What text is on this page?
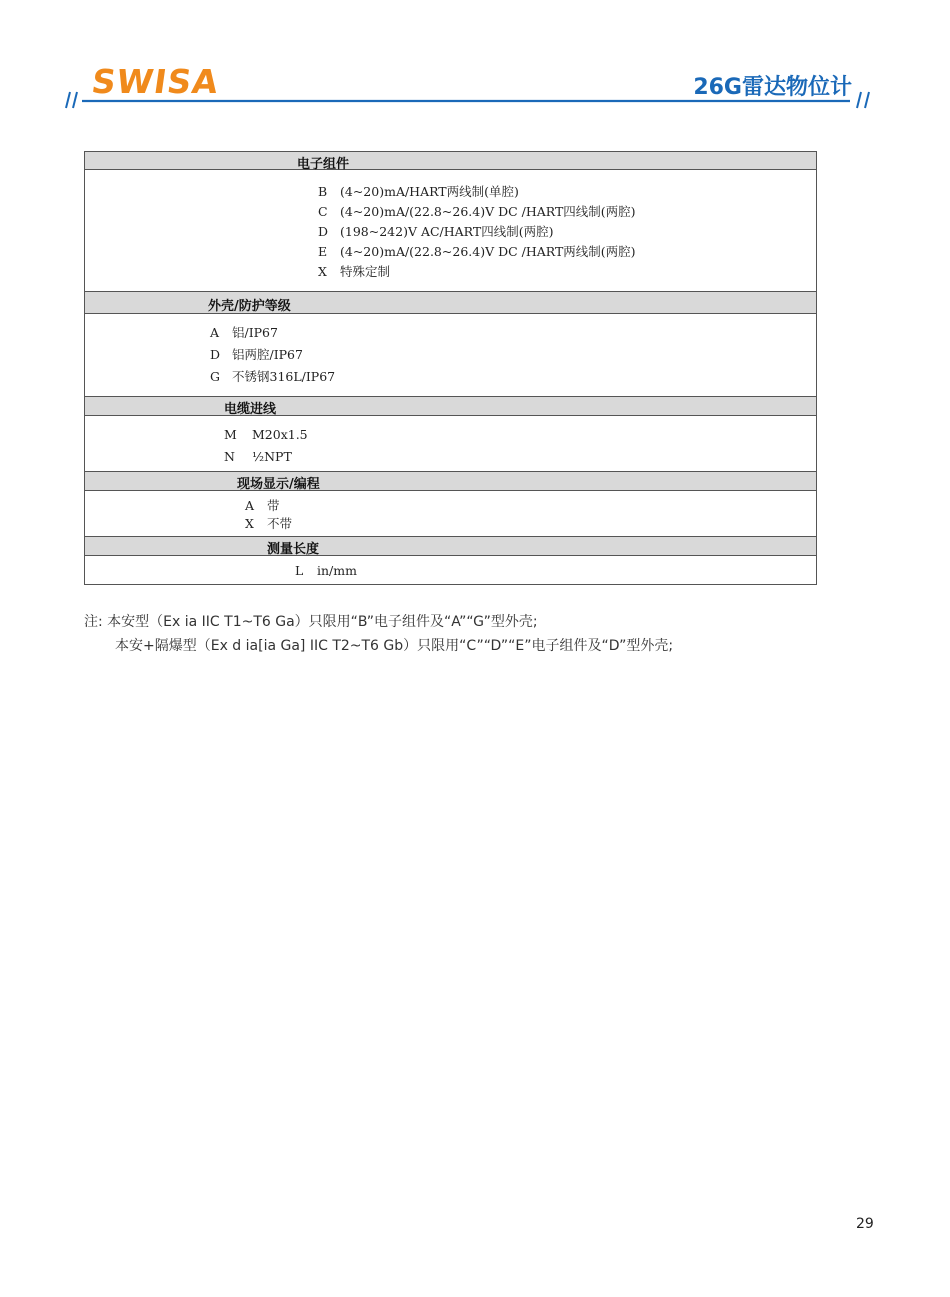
SWISA	26G雷达物位计
电子组件
B (4~20)mA/HART两线制(单腔)
C (4~20)mA/(22.8~26.4)V DC /HART四线制(两腔)
D (198~242)V AC/HART四线制(两腔)
E (4~20)mA/(22.8~26.4)V DC /HART两线制(两腔)
X 特殊定制
外壳/防护等级
A 铝/IP67
D 铝两腔/IP67
G 不锈钢316L/IP67
电缆进线
M M20x1.5
N ½NPT
现场显示/编程
A 带
X 不带
测量长度
L in/mm
注: 本安型（Ex ia IIC T1~T6 Ga）只限用“B”电子组件及“A”“G”型外壳;
本安+隔爆型（Ex d ia[ia Ga] IIC T2~T6 Gb）只限用“C”“D”“E”电子组件及“D”型外壳;
29
